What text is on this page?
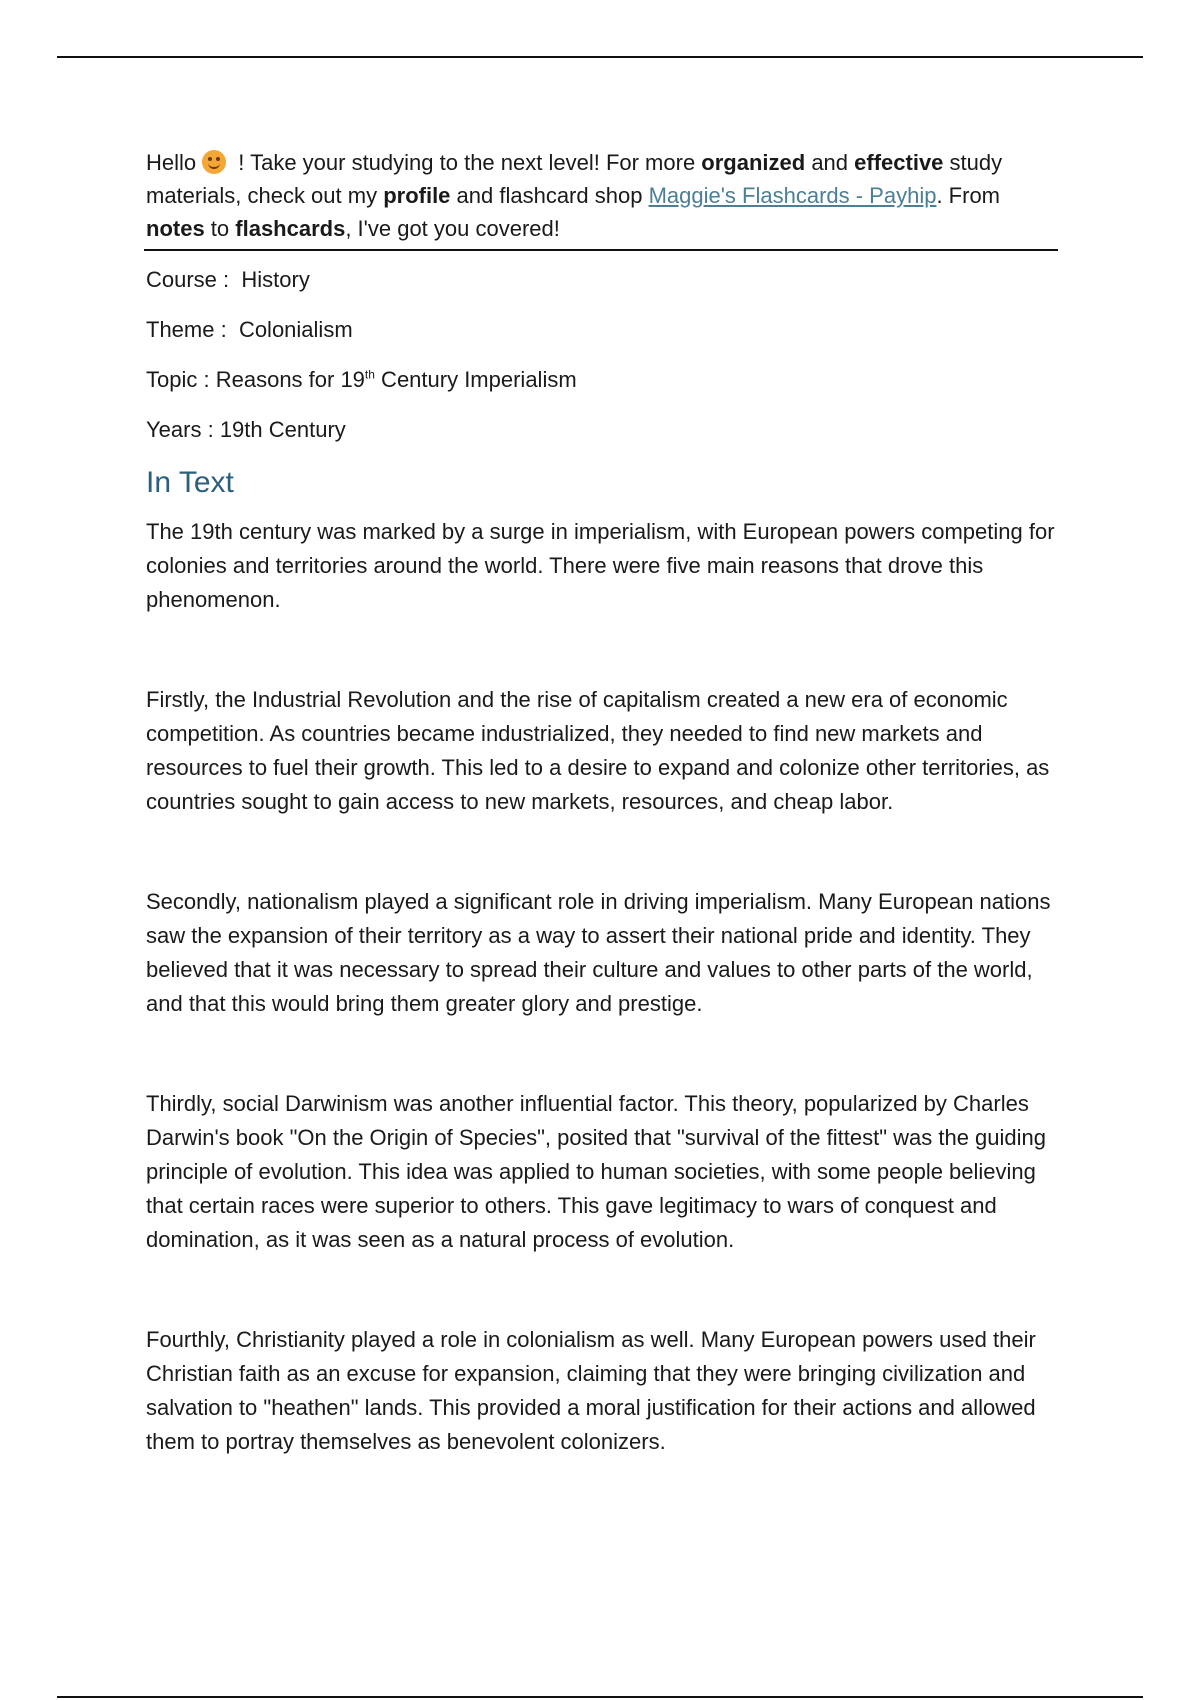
Hello
! Take your studying to the next level! For more organized and effective study materials, check out my profile and flashcard shop Maggie's Flashcards - Payhip. From notes to flashcards, I've got you covered!

Course : History

Theme : Colonialism

Topic : Reasons for 19th Century Imperialism

Years : 19th Century

In Text

The 19th century was marked by a surge in imperialism, with European powers competing for colonies and territories around the world. There were five main reasons that drove this phenomenon.

Firstly, the Industrial Revolution and the rise of capitalism created a new era of economic competition. As countries became industrialized, they needed to find new markets and resources to fuel their growth. This led to a desire to expand and colonize other territories, as countries sought to gain access to new markets, resources, and cheap labor.

Secondly, nationalism played a significant role in driving imperialism. Many European nations saw the expansion of their territory as a way to assert their national pride and identity. They believed that it was necessary to spread their culture and values to other parts of the world, and that this would bring them greater glory and prestige.

Thirdly, social Darwinism was another influential factor. This theory, popularized by Charles Darwin's book "On the Origin of Species", posited that "survival of the fittest" was the guiding principle of evolution. This idea was applied to human societies, with some people believing that certain races were superior to others. This gave legitimacy to wars of conquest and domination, as it was seen as a natural process of evolution.

Fourthly, Christianity played a role in colonialism as well. Many European powers used their Christian faith as an excuse for expansion, claiming that they were bringing civilization and salvation to "heathen" lands. This provided a moral justification for their actions and allowed them to portray themselves as benevolent colonizers.
